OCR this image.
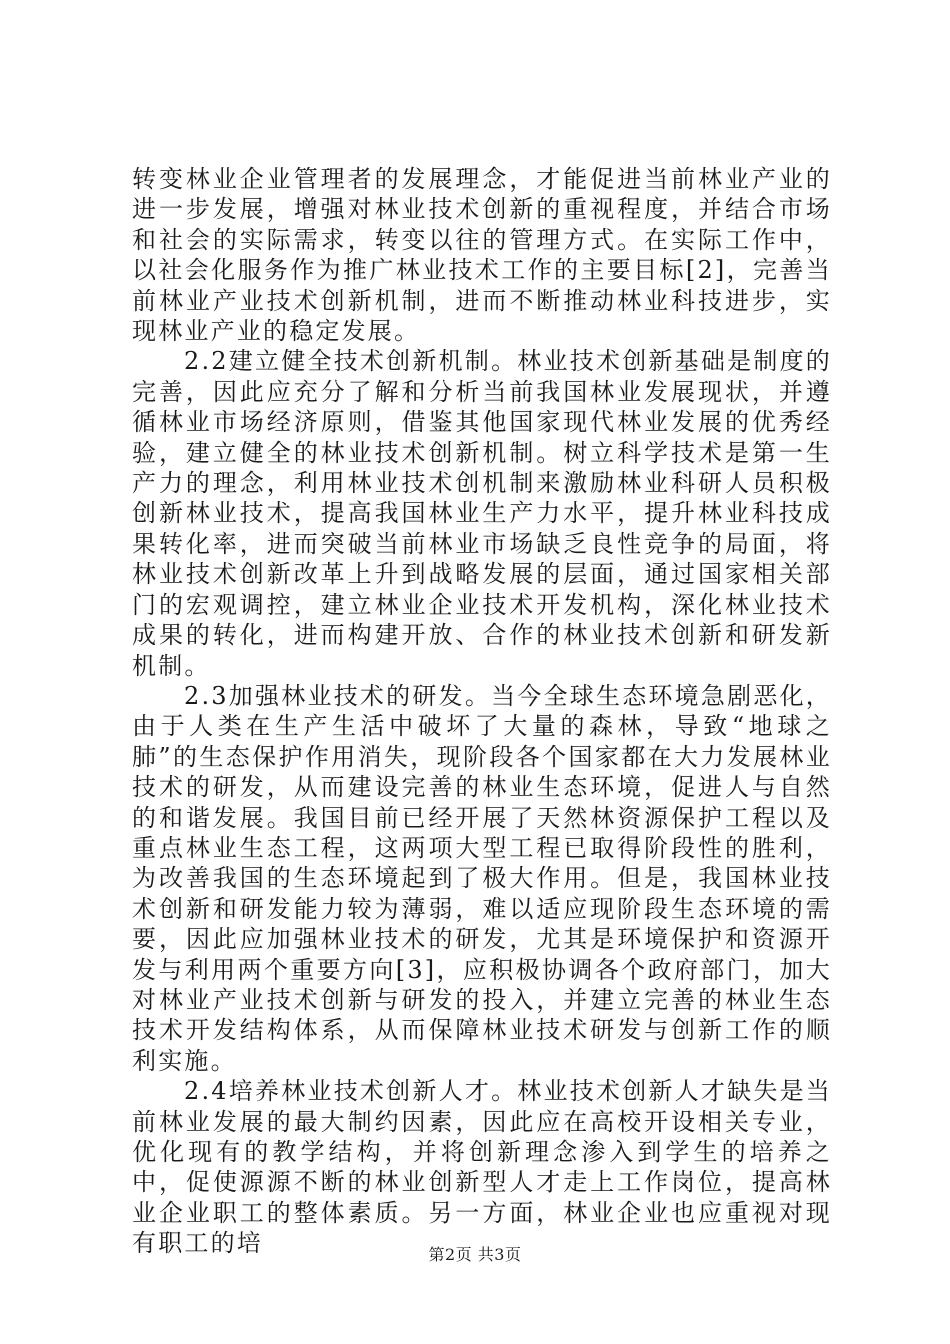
转变林业企业管理者的发展理念，才能促进当前林业产业的进一步发展，增强对林业技术创新的重视程度，并结合市场和社会的实际需求，转变以往的管理方式。在实际工作中，以社会化服务作为推广林业技术工作的主要目标[2]，完善当前林业产业技术创新机制，进而不断推动林业科技进步，实现林业产业的稳定发展。

2.2建立健全技术创新机制。林业技术创新基础是制度的完善，因此应充分了解和分析当前我国林业发展现状，并遵循林业市场经济原则，借鉴其他国家现代林业发展的优秀经验，建立健全的林业技术创新机制。树立科学技术是第一生产力的理念，利用林业技术创机制来激励林业科研人员积极创新林业技术，提高我国林业生产力水平，提升林业科技成果转化率，进而突破当前林业市场缺乏良性竞争的局面，将林业技术创新改革上升到战略发展的层面，通过国家相关部门的宏观调控，建立林业企业技术开发机构，深化林业技术成果的转化，进而构建开放、合作的林业技术创新和研发新机制。

2.3加强林业技术的研发。当今全球生态环境急剧恶化，由于人类在生产生活中破坏了大量的森林，导致“地球之肺”的生态保护作用消失，现阶段各个国家都在大力发展林业技术的研发，从而建设完善的林业生态环境，促进人与自然的和谐发展。我国目前已经开展了天然林资源保护工程以及重点林业生态工程，这两项大型工程已取得阶段性的胜利，为改善我国的生态环境起到了极大作用。但是，我国林业技术创新和研发能力较为薄弱，难以适应现阶段生态环境的需要，因此应加强林业技术的研发，尤其是环境保护和资源开发与利用两个重要方向[3]，应积极协调各个政府部门，加大对林业产业技术创新与研发的投入，并建立完善的林业生态技术开发结构体系，从而保障林业技术研发与创新工作的顺利实施。

2.4培养林业技术创新人才。林业技术创新人才缺失是当前林业发展的最大制约因素，因此应在高校开设相关专业，优化现有的教学结构，并将创新理念渗入到学生的培养之中，促使源源不断的林业创新型人才走上工作岗位，提高林业企业职工的整体素质。另一方面，林业企业也应重视对现有职工的培	第2页 共3页
